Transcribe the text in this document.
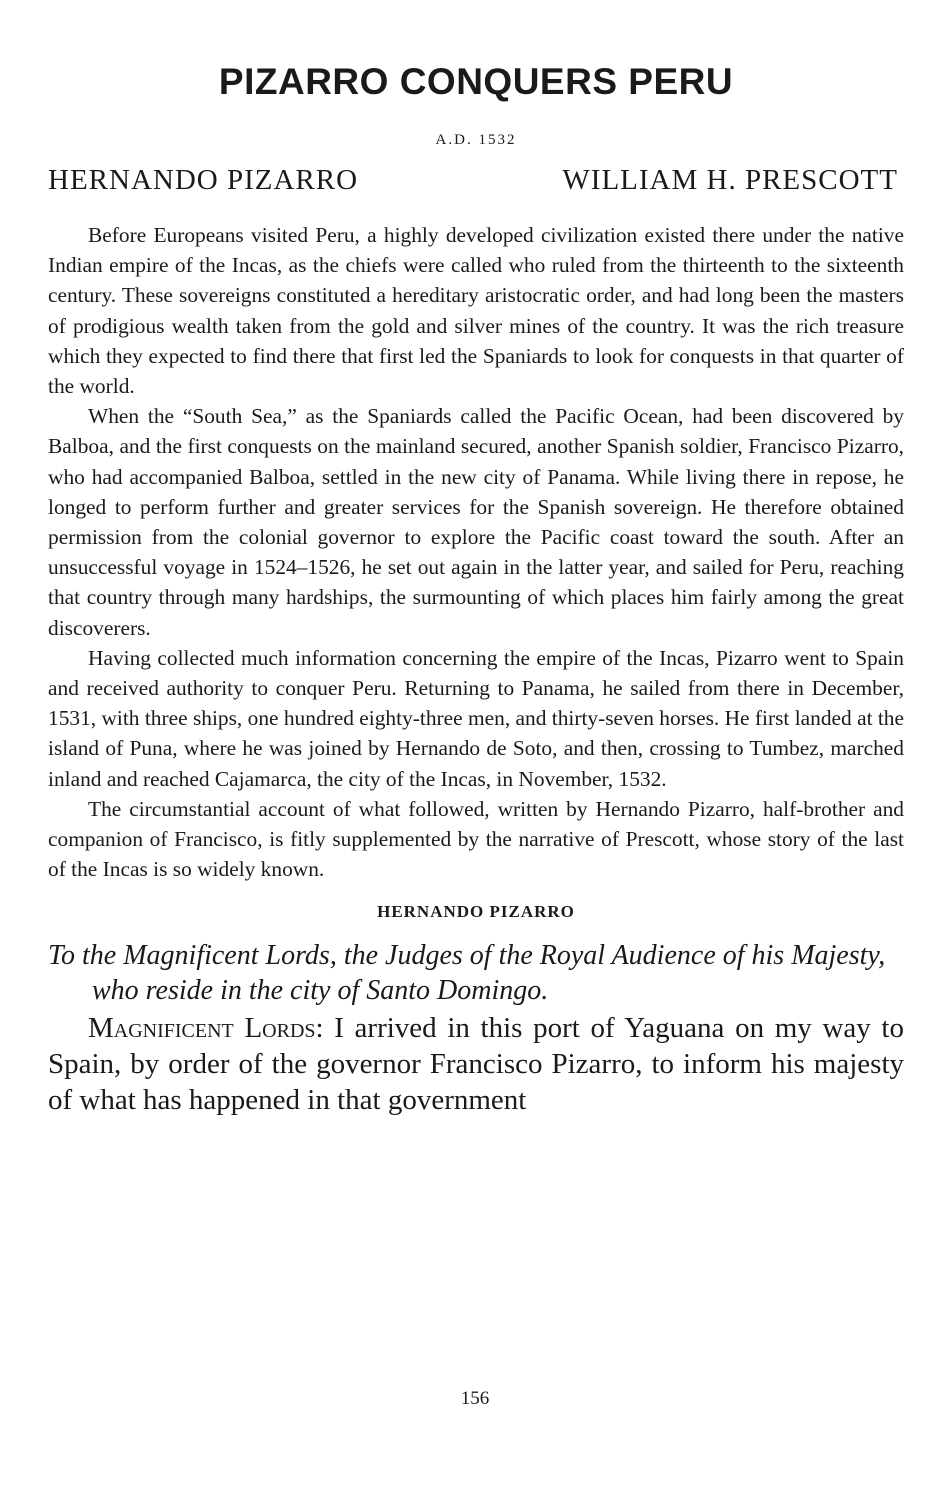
PIZARRO CONQUERS PERU
A.D. 1532
HERNANDO PIZARRO	WILLIAM H. PRESCOTT

Before Europeans visited Peru, a highly developed civilization existed there under the native Indian empire of the Incas, as the chiefs were called who ruled from the thirteenth to the sixteenth century. These sovereigns constituted a hereditary aristocratic order, and had long been the masters of prodigious wealth taken from the gold and silver mines of the country. It was the rich treasure which they expected to find there that first led the Spaniards to look for conquests in that quarter of the world.

When the “South Sea,” as the Spaniards called the Pacific Ocean, had been discovered by Balboa, and the first conquests on the mainland secured, another Spanish soldier, Francisco Pizarro, who had accompanied Balboa, settled in the new city of Panama. While living there in repose, he longed to perform further and greater services for the Spanish sovereign. He therefore obtained permission from the colonial governor to explore the Pacific coast toward the south. After an unsuccessful voyage in 1524–1526, he set out again in the latter year, and sailed for Peru, reaching that country through many hardships, the surmounting of which places him fairly among the great discoverers.

Having collected much information concerning the empire of the Incas, Pizarro went to Spain and received authority to conquer Peru. Returning to Panama, he sailed from there in December, 1531, with three ships, one hundred eighty-three men, and thirty-seven horses. He first landed at the island of Puna, where he was joined by Hernando de Soto, and then, crossing to Tumbez, marched inland and reached Cajamarca, the city of the Incas, in November, 1532.

The circumstantial account of what followed, written by Hernando Pizarro, half-brother and companion of Francisco, is fitly supplemented by the narrative of Prescott, whose story of the last of the Incas is so widely known.

HERNANDO PIZARRO
To the Magnificent Lords, the Judges of the Royal Audience of his Majesty, who reside in the city of Santo Domingo.

Magnificent Lords: I arrived in this port of Yaguana on my way to Spain, by order of the governor Francisco Pizarro, to inform his majesty of what has happened in that government

156
